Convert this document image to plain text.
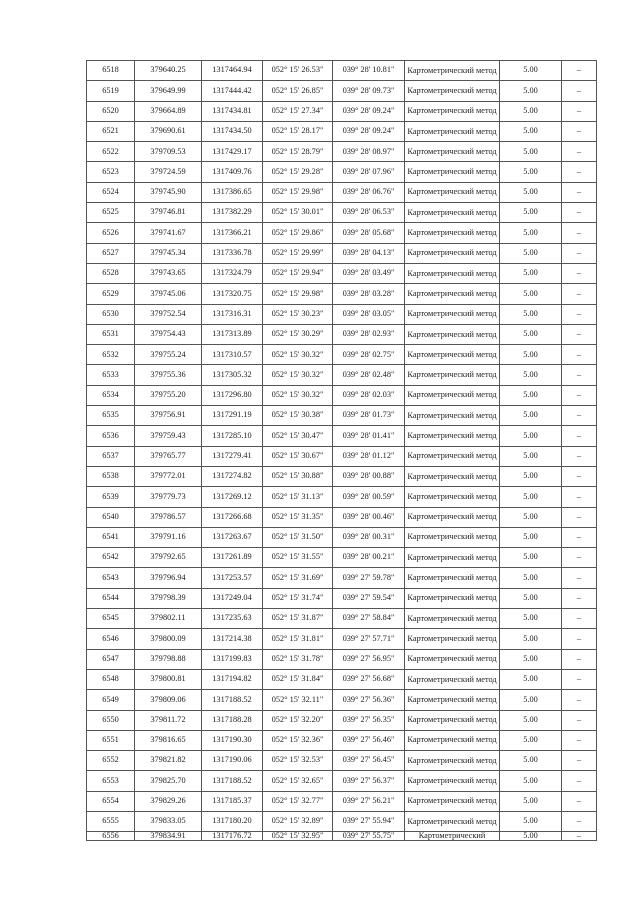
6518	379640.25	1317464.94	052° 15' 26.53"	039° 28' 10.81"	Картометрический метод	5.00	–
6519	379649.99	1317444.42	052° 15' 26.85"	039° 28' 09.73"	Картометрический метод	5.00	–
6520	379664.89	1317434.81	052° 15' 27.34"	039° 28' 09.24"	Картометрический метод	5.00	–
6521	379690.61	1317434.50	052° 15' 28.17"	039° 28' 09.24"	Картометрический метод	5.00	–
6522	379709.53	1317429.17	052° 15' 28.79"	039° 28' 08.97"	Картометрический метод	5.00	–
6523	379724.59	1317409.76	052° 15' 29.28"	039° 28' 07.96"	Картометрический метод	5.00	–
6524	379745.90	1317386.65	052° 15' 29.98"	039° 28' 06.76"	Картометрический метод	5.00	–
6525	379746.81	1317382.29	052° 15' 30.01"	039° 28' 06.53"	Картометрический метод	5.00	–
6526	379741.67	1317366.21	052° 15' 29.86"	039° 28' 05.68"	Картометрический метод	5.00	–
6527	379745.34	1317336.78	052° 15' 29.99"	039° 28' 04.13"	Картометрический метод	5.00	–
6528	379743.65	1317324.79	052° 15' 29.94"	039° 28' 03.49"	Картометрический метод	5.00	–
6529	379745.06	1317320.75	052° 15' 29.98"	039° 28' 03.28"	Картометрический метод	5.00	–
6530	379752.54	1317316.31	052° 15' 30.23"	039° 28' 03.05"	Картометрический метод	5.00	–
6531	379754.43	1317313.89	052° 15' 30.29"	039° 28' 02.93"	Картометрический метод	5.00	–
6532	379755.24	1317310.57	052° 15' 30.32"	039° 28' 02.75"	Картометрический метод	5.00	–
6533	379755.36	1317305.32	052° 15' 30.32"	039° 28' 02.48"	Картометрический метод	5.00	–
6534	379755.20	1317296.80	052° 15' 30.32"	039° 28' 02.03"	Картометрический метод	5.00	–
6535	379756.91	1317291.19	052° 15' 30.38"	039° 28' 01.73"	Картометрический метод	5.00	–
6536	379759.43	1317285.10	052° 15' 30.47"	039° 28' 01.41"	Картометрический метод	5.00	–
6537	379765.77	1317279.41	052° 15' 30.67"	039° 28' 01.12"	Картометрический метод	5.00	–
6538	379772.01	1317274.82	052° 15' 30.88"	039° 28' 00.88"	Картометрический метод	5.00	–
6539	379779.73	1317269.12	052° 15' 31.13"	039° 28' 00.59"	Картометрический метод	5.00	–
6540	379786.57	1317266.68	052° 15' 31.35"	039° 28' 00.46"	Картометрический метод	5.00	–
6541	379791.16	1317263.67	052° 15' 31.50"	039° 28' 00.31"	Картометрический метод	5.00	–
6542	379792.65	1317261.89	052° 15' 31.55"	039° 28' 00.21"	Картометрический метод	5.00	–
6543	379796.94	1317253.57	052° 15' 31.69"	039° 27' 59.78"	Картометрический метод	5.00	–
6544	379798.39	1317249.04	052° 15' 31.74"	039° 27' 59.54"	Картометрический метод	5.00	–
6545	379802.11	1317235.63	052° 15' 31.87"	039° 27' 58.84"	Картометрический метод	5.00	–
6546	379800.09	1317214.38	052° 15' 31.81"	039° 27' 57.71"	Картометрический метод	5.00	–
6547	379798.88	1317199.83	052° 15' 31.78"	039° 27' 56.95"	Картометрический метод	5.00	–
6548	379800.81	1317194.82	052° 15' 31.84"	039° 27' 56.68"	Картометрический метод	5.00	–
6549	379809.06	1317188.52	052° 15' 32.11"	039° 27' 56.36"	Картометрический метод	5.00	–
6550	379811.72	1317188.28	052° 15' 32.20"	039° 27' 56.35"	Картометрический метод	5.00	–
6551	379816.65	1317190.30	052° 15' 32.36"	039° 27' 56.46"	Картометрический метод	5.00	–
6552	379821.82	1317190.06	052° 15' 32.53"	039° 27' 56.45"	Картометрический метод	5.00	–
6553	379825.70	1317188.52	052° 15' 32.65"	039° 27' 56.37"	Картометрический метод	5.00	–
6554	379829.26	1317185.37	052° 15' 32.77"	039° 27' 56.21"	Картометрический метод	5.00	–
6555	379833.05	1317180.20	052° 15' 32.89"	039° 27' 55.94"	Картометрический метод	5.00	–
6556	379834.91	1317176.72	052° 15' 32.95"	039° 27' 55.75"	Картометрический	5.00	–
